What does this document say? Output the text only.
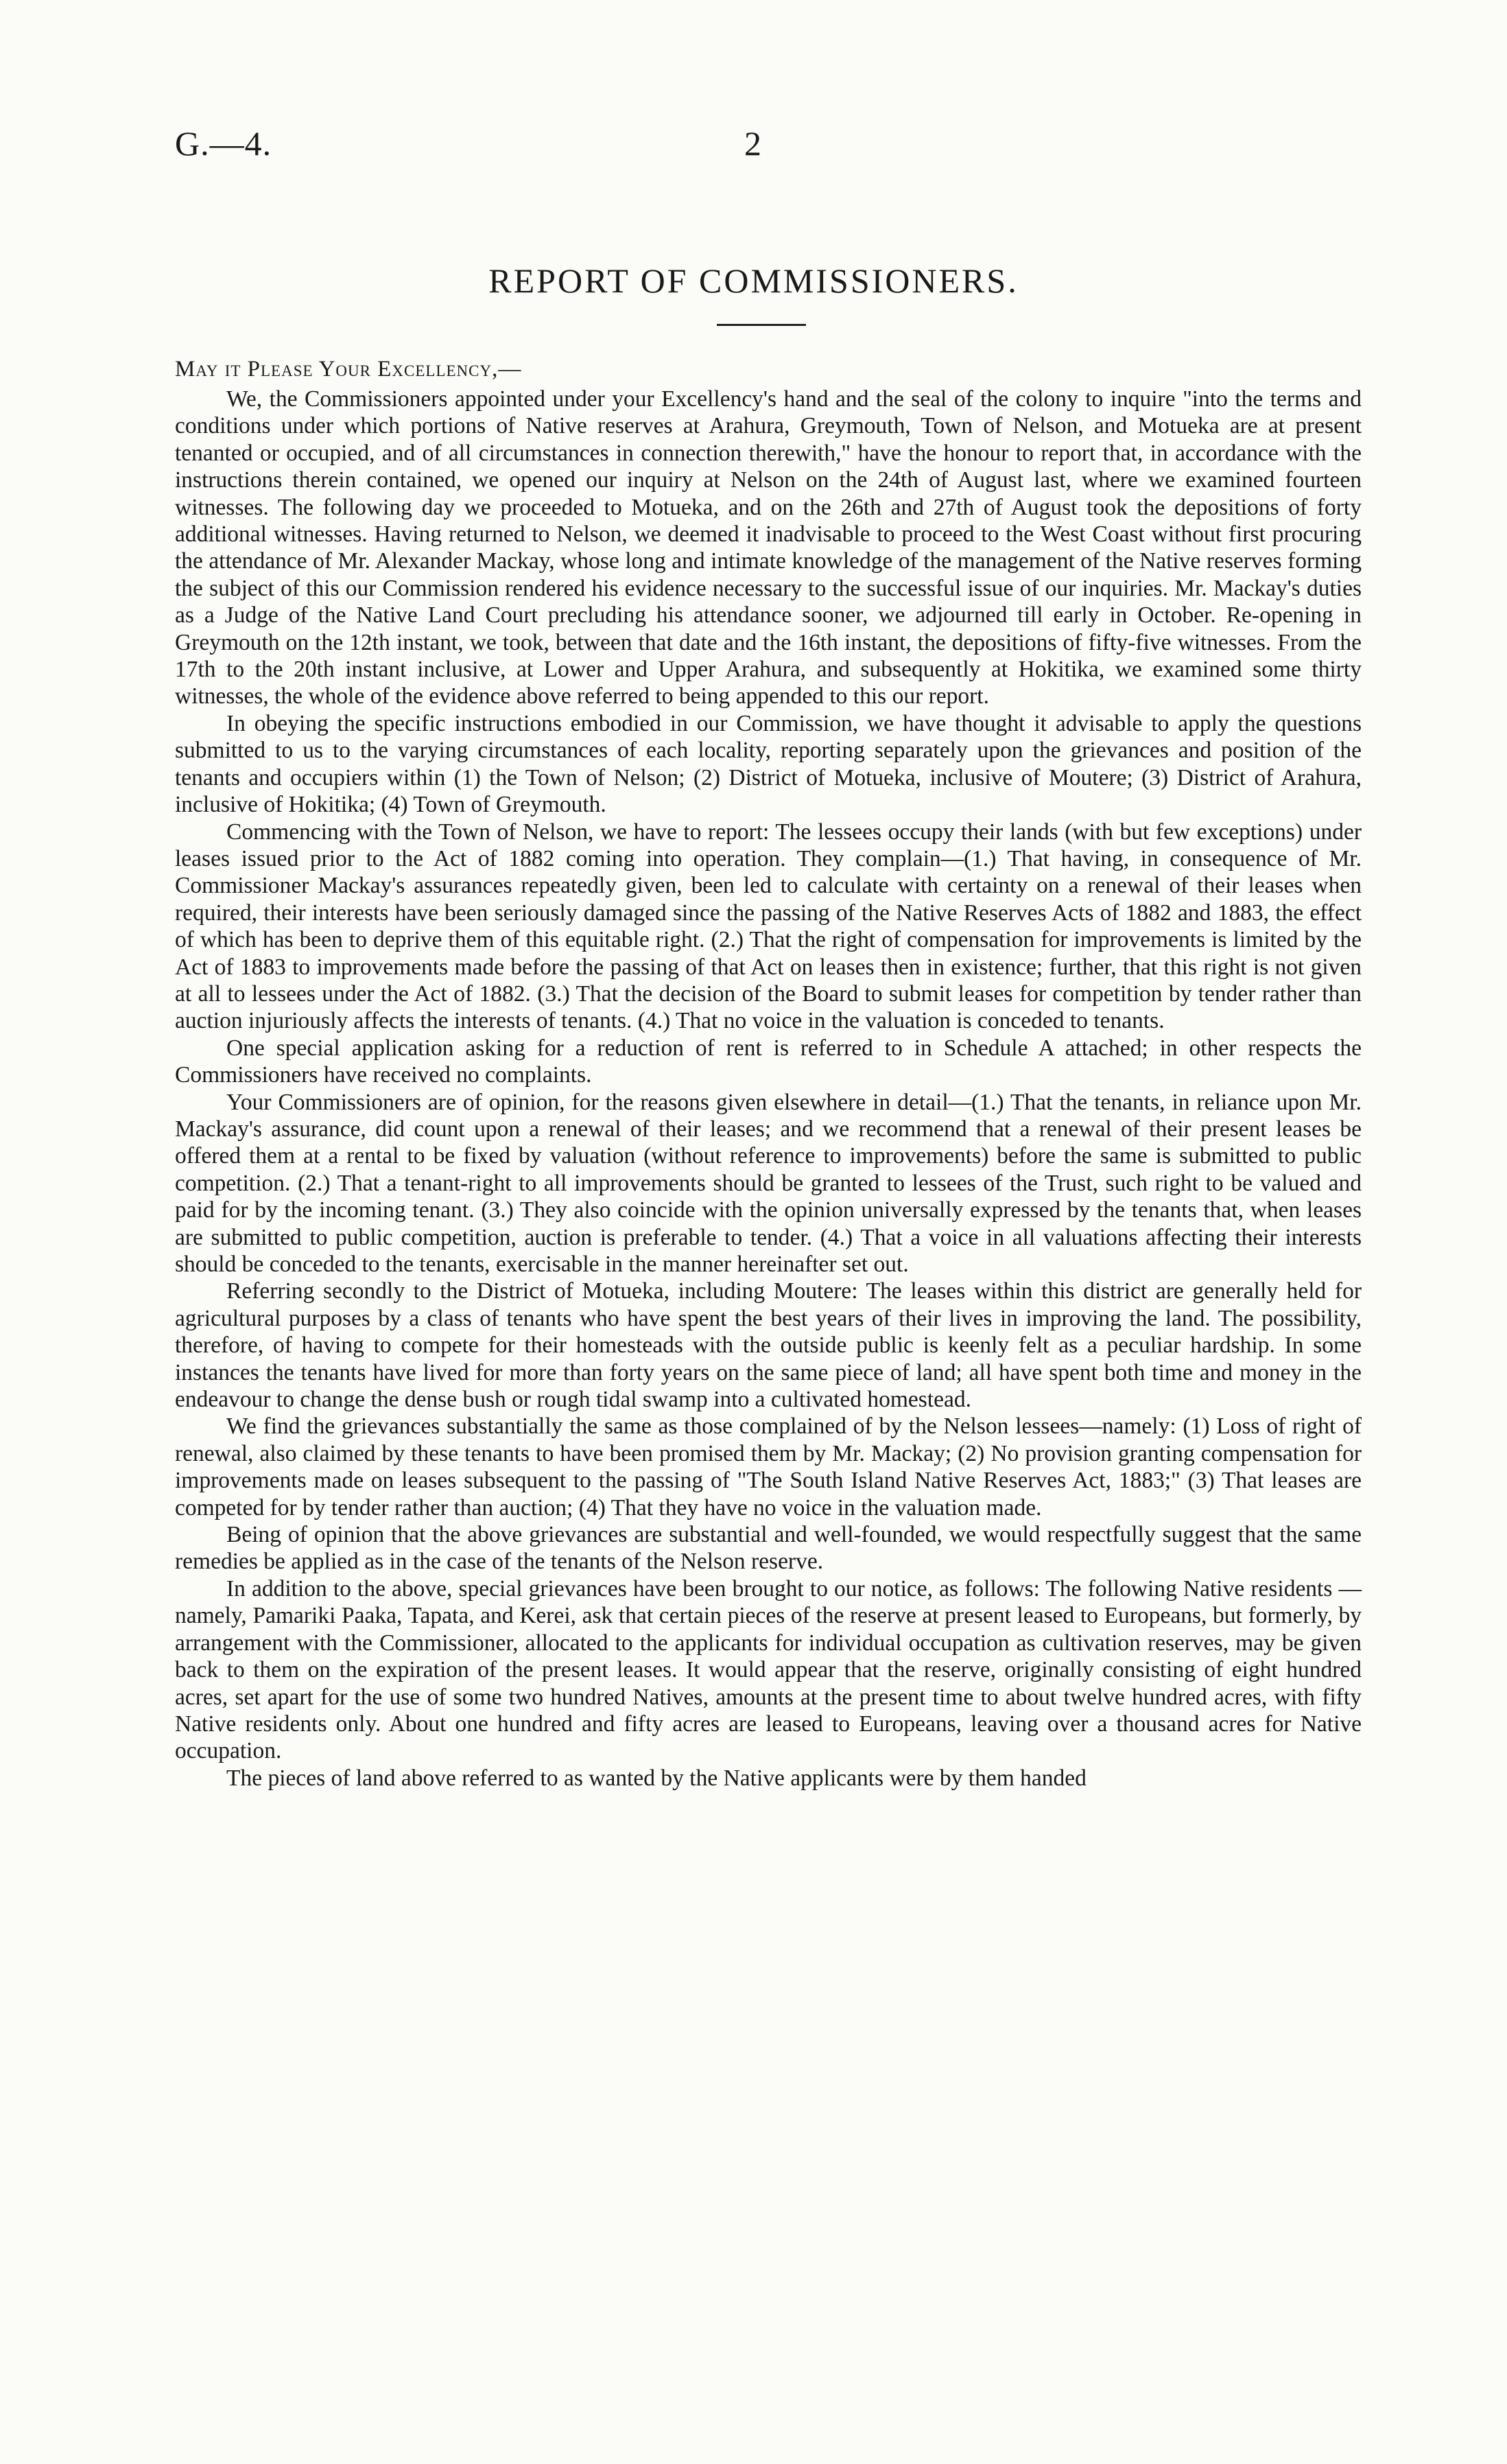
G.—4.	2
REPORT OF COMMISSIONERS.
May it Please Your Excellency,—

We, the Commissioners appointed under your Excellency's hand and the seal of the colony to inquire "into the terms and conditions under which portions of Native reserves at Arahura, Greymouth, Town of Nelson, and Motueka are at present tenanted or occupied, and of all circumstances in connection therewith," have the honour to report that, in accordance with the instructions therein contained, we opened our inquiry at Nelson on the 24th of August last, where we examined fourteen witnesses. The following day we proceeded to Motueka, and on the 26th and 27th of August took the depositions of forty additional witnesses. Having returned to Nelson, we deemed it inadvisable to proceed to the West Coast without first procuring the attendance of Mr. Alexander Mackay, whose long and intimate knowledge of the management of the Native reserves forming the subject of this our Commission rendered his evidence necessary to the successful issue of our inquiries. Mr. Mackay's duties as a Judge of the Native Land Court precluding his attendance sooner, we adjourned till early in October. Re-opening in Greymouth on the 12th instant, we took, between that date and the 16th instant, the depositions of fifty-five witnesses. From the 17th to the 20th instant inclusive, at Lower and Upper Arahura, and subsequently at Hokitika, we examined some thirty witnesses, the whole of the evidence above referred to being appended to this our report.

In obeying the specific instructions embodied in our Commission, we have thought it advisable to apply the questions submitted to us to the varying circumstances of each locality, reporting separately upon the grievances and position of the tenants and occupiers within (1) the Town of Nelson; (2) District of Motueka, inclusive of Moutere; (3) District of Arahura, inclusive of Hokitika; (4) Town of Greymouth.

Commencing with the Town of Nelson, we have to report: The lessees occupy their lands (with but few exceptions) under leases issued prior to the Act of 1882 coming into operation. They complain—(1.) That having, in consequence of Mr. Commissioner Mackay's assurances repeatedly given, been led to calculate with certainty on a renewal of their leases when required, their interests have been seriously damaged since the passing of the Native Reserves Acts of 1882 and 1883, the effect of which has been to deprive them of this equitable right. (2.) That the right of compensation for improvements is limited by the Act of 1883 to improvements made before the passing of that Act on leases then in existence; further, that this right is not given at all to lessees under the Act of 1882. (3.) That the decision of the Board to submit leases for competition by tender rather than auction injuriously affects the interests of tenants. (4.) That no voice in the valuation is conceded to tenants.

One special application asking for a reduction of rent is referred to in Schedule A attached; in other respects the Commissioners have received no complaints.

Your Commissioners are of opinion, for the reasons given elsewhere in detail—(1.) That the tenants, in reliance upon Mr. Mackay's assurance, did count upon a renewal of their leases; and we recommend that a renewal of their present leases be offered them at a rental to be fixed by valuation (without reference to improvements) before the same is submitted to public competition. (2.) That a tenant-right to all improvements should be granted to lessees of the Trust, such right to be valued and paid for by the incoming tenant. (3.) They also coincide with the opinion universally expressed by the tenants that, when leases are submitted to public competition, auction is preferable to tender. (4.) That a voice in all valuations affecting their interests should be conceded to the tenants, exercisable in the manner hereinafter set out.

Referring secondly to the District of Motueka, including Moutere: The leases within this district are generally held for agricultural purposes by a class of tenants who have spent the best years of their lives in improving the land. The possibility, therefore, of having to compete for their homesteads with the outside public is keenly felt as a peculiar hardship. In some instances the tenants have lived for more than forty years on the same piece of land; all have spent both time and money in the endeavour to change the dense bush or rough tidal swamp into a cultivated homestead.

We find the grievances substantially the same as those complained of by the Nelson lessees—namely: (1) Loss of right of renewal, also claimed by these tenants to have been promised them by Mr. Mackay; (2) No provision granting compensation for improvements made on leases subsequent to the passing of "The South Island Native Reserves Act, 1883;" (3) That leases are competed for by tender rather than auction; (4) That they have no voice in the valuation made.

Being of opinion that the above grievances are substantial and well-founded, we would respectfully suggest that the same remedies be applied as in the case of the tenants of the Nelson reserve.

In addition to the above, special grievances have been brought to our notice, as follows: The following Native residents — namely, Pamariki Paaka, Tapata, and Kerei, ask that certain pieces of the reserve at present leased to Europeans, but formerly, by arrangement with the Commissioner, allocated to the applicants for individual occupation as cultivation reserves, may be given back to them on the expiration of the present leases. It would appear that the reserve, originally consisting of eight hundred acres, set apart for the use of some two hundred Natives, amounts at the present time to about twelve hundred acres, with fifty Native residents only. About one hundred and fifty acres are leased to Europeans, leaving over a thousand acres for Native occupation.

The pieces of land above referred to as wanted by the Native applicants were by them handed
